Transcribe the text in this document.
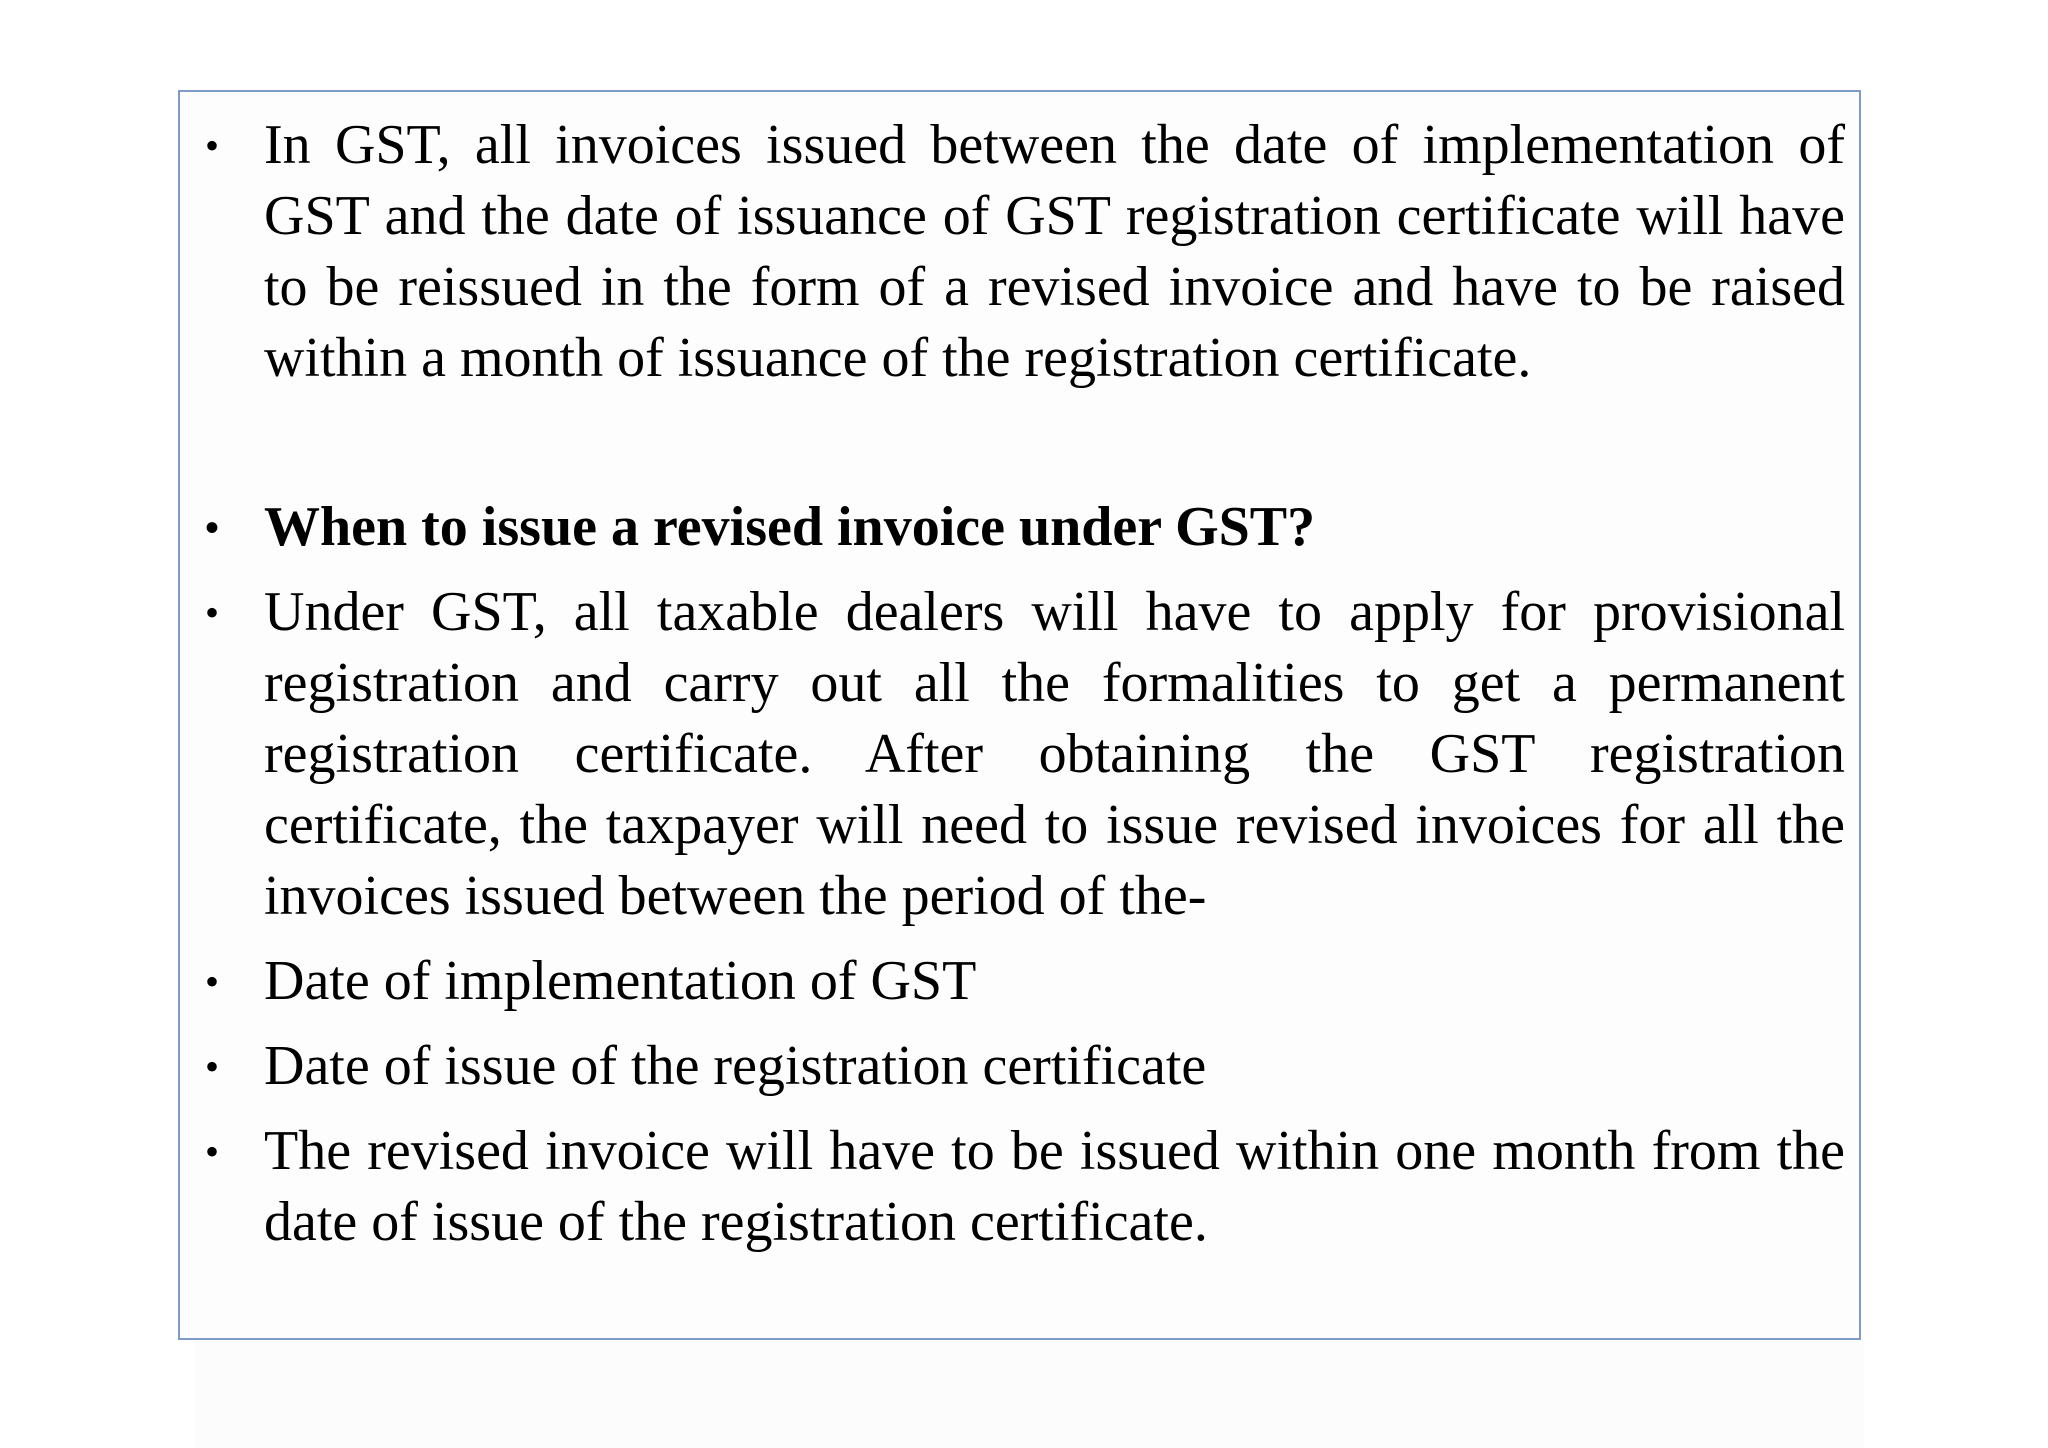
• In GST, all invoices issued between the date of implementation of GST and the date of issuance of GST registration certificate will have to be reissued in the form of a revised invoice and have to be raised within a month of issuance of the registration certificate.
• When to issue a revised invoice under GST?
• Under GST, all taxable dealers will have to apply for provisional registration and carry out all the formalities to get a permanent registration certificate. After obtaining the GST registration certificate, the taxpayer will need to issue revised invoices for all the invoices issued between the period of the-
• Date of implementation of GST
• Date of issue of the registration certificate
• The revised invoice will have to be issued within one month from the date of issue of the registration certificate.
